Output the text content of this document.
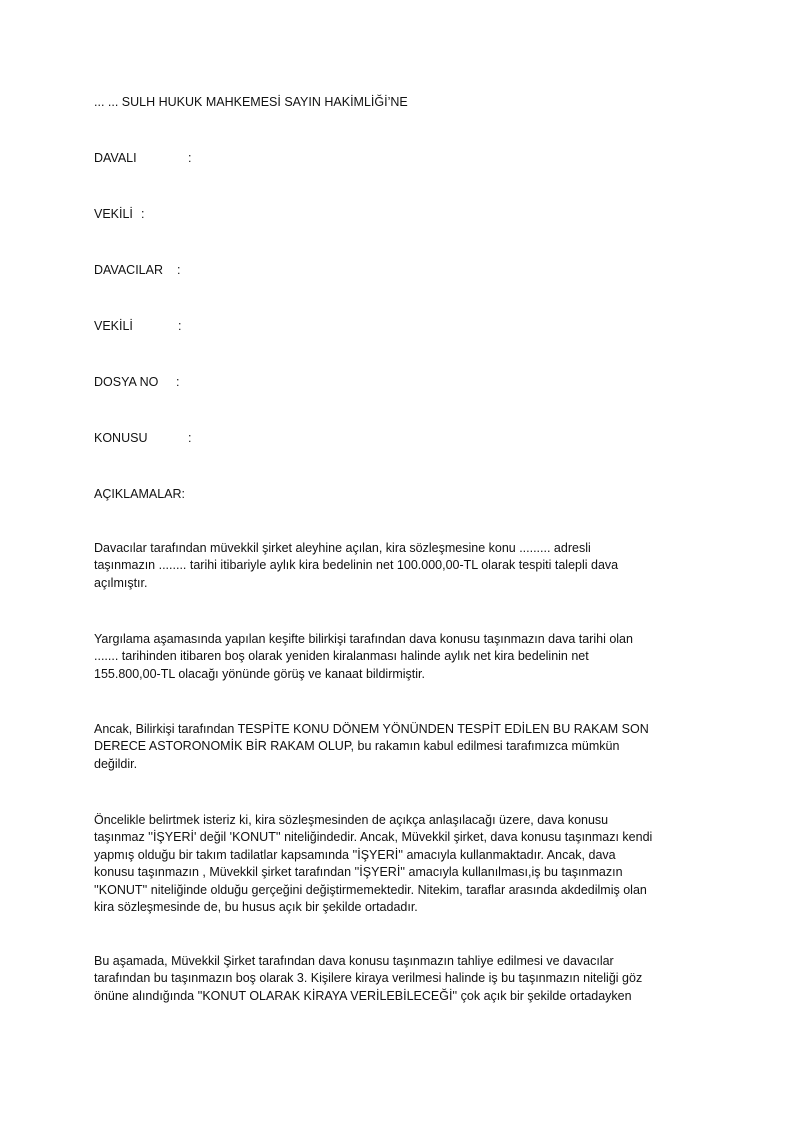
... ... SULH HUKUK MAHKEMESİ SAYIN HAKİMLİĞİ’NE

DAVALI	:
VEKİLİ :
DAVACILAR :
VEKİLİ	:
DOSYA NO :
KONUSU	:

AÇIKLAMALAR:

Davacılar tarafından müvekkil şirket aleyhine açılan, kira sözleşmesine konu ......... adresli
taşınmazın ........ tarihi itibariyle aylık kira bedelinin net 100.000,00-TL olarak tespiti talepli dava
açılmıştır.
Yargılama aşamasında yapılan keşifte bilirkişi tarafından dava konusu taşınmazın dava tarihi olan
....... tarihinden itibaren boş olarak yeniden kiralanması halinde aylık net kira bedelinin net
155.800,00-TL olacağı yönünde görüş ve kanaat bildirmiştir.
Ancak, Bilirkişi tarafından TESPİTE KONU DÖNEM YÖNÜNDEN TESPİT EDİLEN BU RAKAM SON
DERECE ASTORONOMİK BİR RAKAM OLUP, bu rakamın kabul edilmesi tarafımızca mümkün
değildir.
Öncelikle belirtmek isteriz ki, kira sözleşmesinden de açıkça anlaşılacağı üzere, dava konusu
taşınmaz ''İŞYERİ' değil 'KONUT'' niteliğindedir. Ancak, Müvekkil şirket, dava konusu taşınmazı kendi
yapmış olduğu bir takım tadilatlar kapsamında ''İŞYERİ'' amacıyla kullanmaktadır. Ancak, dava
konusu taşınmazın , Müvekkil şirket tarafından ''İŞYERİ'' amacıyla kullanılması,iş bu taşınmazın
''KONUT'' niteliğinde olduğu gerçeğini değiştirmemektedir. Nitekim, taraflar arasında akdedilmiş olan
kira sözleşmesinde de, bu husus açık bir şekilde ortadadır.
Bu aşamada, Müvekkil Şirket tarafından dava konusu taşınmazın tahliye edilmesi ve davacılar
tarafından bu taşınmazın boş olarak 3. Kişilere kiraya verilmesi halinde iş bu taşınmazın niteliği göz
önüne alındığında ''KONUT OLARAK KİRAYA VERİLEBİLECEĞİ'' çok açık bir şekilde ortadayken
